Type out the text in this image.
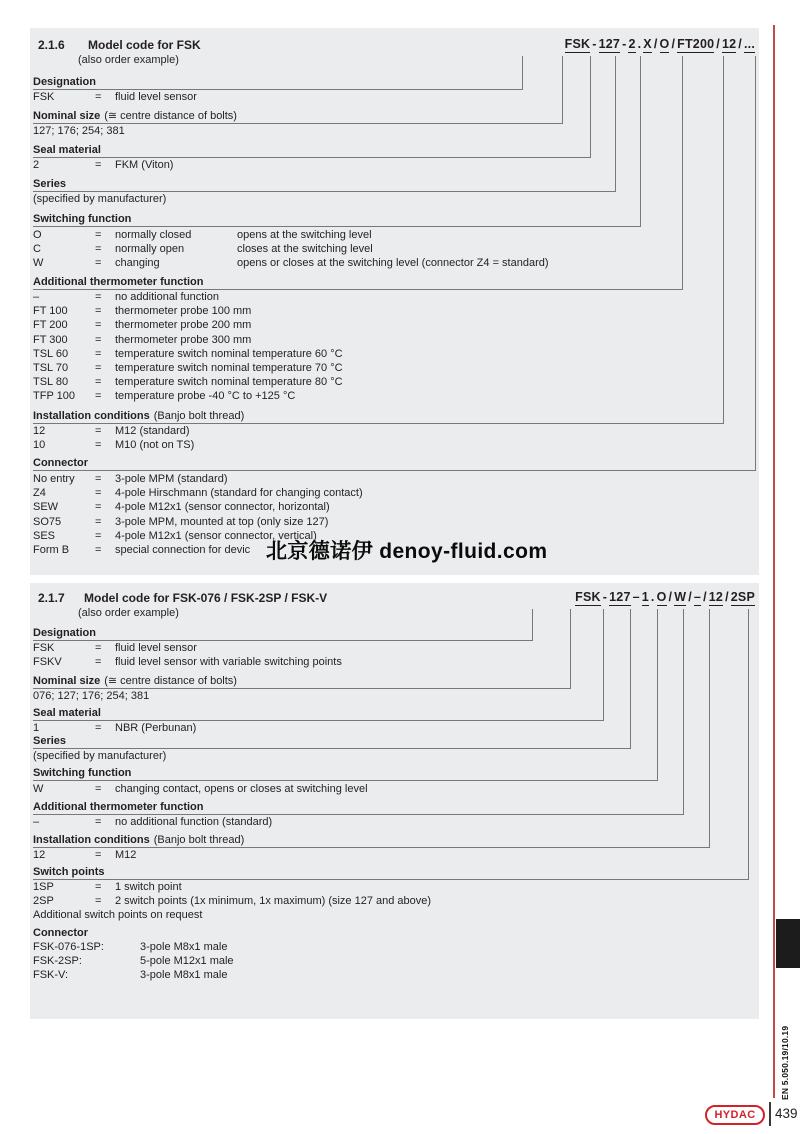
2.1.6 Model code for FSK
(also order example)
FSK - 127 - 2 . X / O / FT200 / 12 / ...
Designation
FSK	= fluid level sensor
Nominal size (≅ centre distance of bolts)
127; 176; 254; 381
Seal material
2	= FKM (Viton)
Series
(specified by manufacturer)
Switching function
O	= normally closed	opens at the switching level
C	= normally open	closes at the switching level
W	= changing	opens or closes at the switching level (connector Z4 = standard)
Additional thermometer function
–	= no additional function
FT 100 = thermometer probe 100 mm
FT 200 = thermometer probe 200 mm
FT 300 = thermometer probe 300 mm
TSL 60 = temperature switch nominal temperature 60 °C
TSL 70 = temperature switch nominal temperature 70 °C
TSL 80 = temperature switch nominal temperature 80 °C
TFP 100 = temperature probe -40 °C to +125 °C
Installation conditions (Banjo bolt thread)
12	= M12 (standard)
10	= M10 (not on TS)
Connector
No entry = 3-pole MPM (standard)
Z4	= 4-pole Hirschmann (standard for changing contact)
SEW	= 4-pole M12x1 (sensor connector, horizontal)
SO75	= 3-pole MPM, mounted at top (only size 127)
SES	= 4-pole M12x1 (sensor connector, vertical)
Form B = special connection for devic
2.1.7 Model code for FSK-076 / FSK-2SP / FSK-V
(also order example)
FSK - 127 – 1 . O / W / – / 12 / 2SP
Designation
FSK	= fluid level sensor
FSKV	= fluid level sensor with variable switching points
Nominal size (≅ centre distance of bolts)
076; 127; 176; 254; 381
Seal material
1	= NBR (Perbunan)
Series
(specified by manufacturer)
Switching function
W	= changing contact, opens or closes at switching level
Additional thermometer function
–	= no additional function (standard)
Installation conditions (Banjo bolt thread)
12	= M12
Switch points
1SP	= 1 switch point
2SP	= 2 switch points (1x minimum, 1x maximum) (size 127 and above)
Additional switch points on request
Connector
FSK-076-1SP:	3-pole M8x1 male
FSK-2SP:	5-pole M12x1 male
FSK-V:	3-pole M8x1 male
北京德诺伊 denoy-fluid.com
EN 5.050.19/10.19
HYDAC 439
